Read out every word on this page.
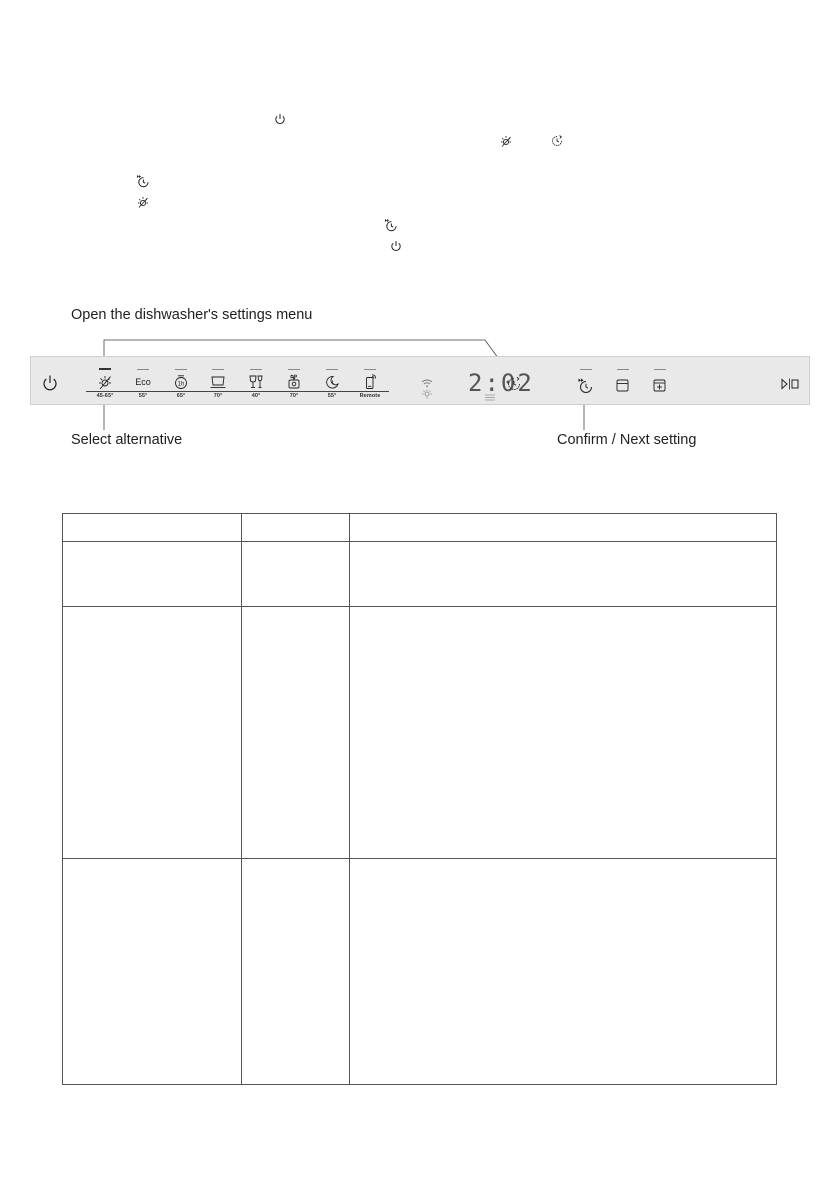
Open the dishwasher's settings menu
Select alternative	Confirm / Next setting
45-65°
Eco
55°
1h
65°	70°	40°	70°	55°	Remote	2:02
